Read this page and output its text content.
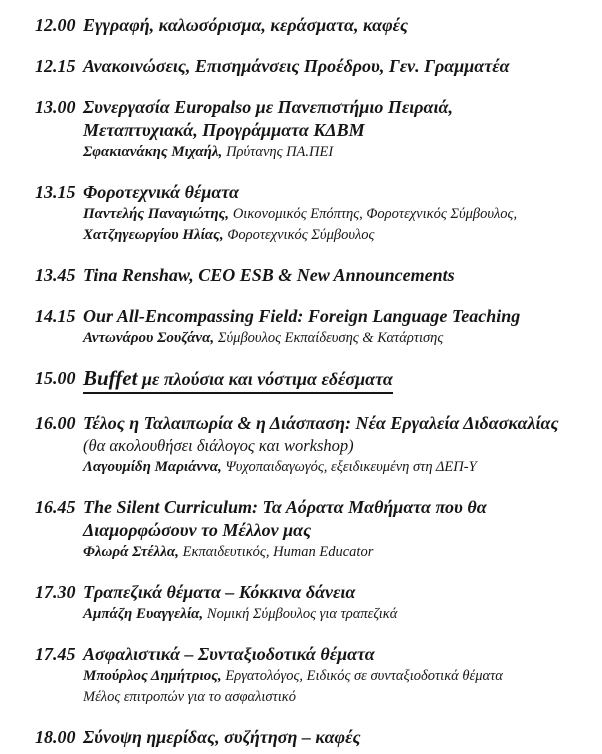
12.00 Εγγραφή, καλωσόρισμα, κεράσματα, καφές
12.15 Ανακοινώσεις, Επισημάνσεις Προέδρου, Γεν. Γραμματέα
13.00 Συνεργασία Europalso με Πανεπιστήμιο Πειραιά,
Μεταπτυχιακά, Προγράμματα ΚΔΒΜ
Σφακιανάκης Μιχαήλ, Πρύτανης ΠΑ.ΠΕΙ
13.15 Φοροτεχνικά θέματα
Παντελής Παναγιώτης, Οικονομικός Επόπτης, Φοροτεχνικός Σύμβουλος,
Χατζηγεωργίου Ηλίας, Φοροτεχνικός Σύμβουλος
13.45 Tina Renshaw, CEO ESB & New Announcements
14.15 Our All-Encompassing Field: Foreign Language Teaching
Αντωνάρου Σουζάνα, Σύμβουλος Εκπαίδευσης & Κατάρτισης
15.00 Buffet με πλούσια και νόστιμα εδέσματα
16.00 Τέλος η Ταλαιπωρία & η Διάσπαση: Νέα Εργαλεία Διδασκαλίας
(θα ακολουθήσει διάλογος και workshop)
Λαγουμίδη Μαριάννα, Ψυχοπαιδαγωγός, εξειδικευμένη στη ΔΕΠ-Υ
16.45 The Silent Curriculum: Τα Αόρατα Μαθήματα που θα
Διαμορφώσουν το Μέλλον μας
Φλωρά Στέλλα, Εκπαιδευτικός, Human Educator
17.30 Τραπεζικά θέματα – Κόκκινα δάνεια
Αμπάζη Ευαγγελία, Νομική Σύμβουλος για τραπεζικά
17.45 Ασφαλιστικά – Συνταξιοδοτικά θέματα
Μπούρλος Δημήτριος, Εργατολόγος, Ειδικός σε συνταξιοδοτικά θέματα
Μέλος επιτροπών για το ασφαλιστικό
18.00 Σύνοψη ημερίδας, συζήτηση – καφές
